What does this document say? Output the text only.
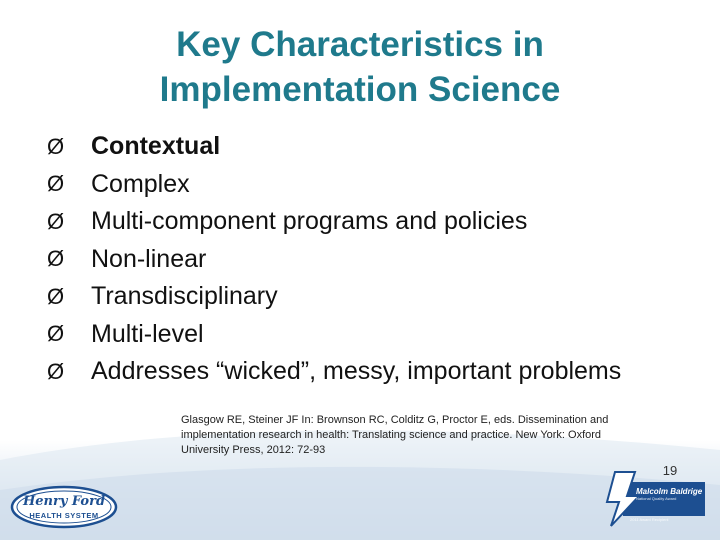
Key Characteristics in
Implementation Science
Ø	Contextual
Ø	Complex
Ø	Multi-component programs and policies
Ø	Non-linear
Ø	Transdisciplinary
Ø	Multi-level
Ø	Addresses “wicked”, messy, important problems
Glasgow RE, Steiner JF In: Brownson RC, Colditz G, Proctor E, eds. Dissemination and
implementation research in health: Translating science and practice. New York: Oxford
University Press, 2012: 72-93
19
Henry Ford
HEALTH SYSTEM
Malcolm Baldrige
National Quality Award
2011 Award Recipient
